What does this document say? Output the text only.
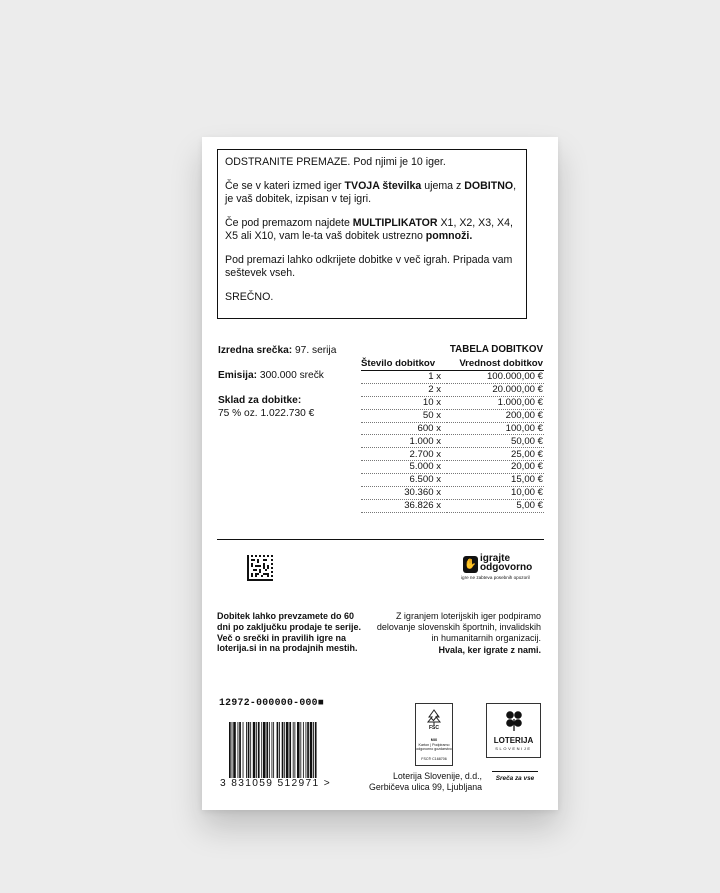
ODSTRANITE PREMAZE. Pod njimi je 10 iger.

Če se v kateri izmed iger TVOJA številka ujema z DOBITNO, je vaš dobitek, izpisan v tej igri.

Če pod premazom najdete MULTIPLIKATOR X1, X2, X3, X4, X5 ali X10, vam le-ta vaš dobitek ustrezno pomnoži.

Pod premazi lahko odkrijete dobitke v več igrah. Pripada vam seštevek vseh.

SREČNO.

Izredna srečka: 97. serija
Emisija: 300.000 srečk
Sklad za dobitke:
75 % oz. 1.022.730 €
TABELA DOBITKOV
Število dobitkov	Vrednost dobitkov
1 x	100.000,00 €
2 x	20.000,00 €
10 x	1.000,00 €
50 x	200,00 €
600 x	100,00 €
1.000 x	50,00 €
2.700 x	25,00 €
5.000 x	20,00 €
6.500 x	15,00 €
30.360 x	10,00 €
36.826 x	5,00 €
✋
igrajte
odgovorno
igre ne zabteva posebnih opozoril
Dobitek lahko prevzamete do 60 dni po zaključku prodaje te serije. Več o srečki in pravilih igre na loterija.si in na prodajnih mestih.
Z igranjem loterijskih iger podpiramo delovanje slovenskih športnih, invalidskih in humanitarnih organizacij.
Hvala, ker igrate z nami.
12972-000000-000■
3 831059 512971 >
FSC
MIX
Karton | Podpiramo odgovorno gozdarstvo
FSC® C168706
LOTERIJA
SLOVENIJE
Loterija Slovenije, d.d.,
Gerbičeva ulica 99, Ljubljana
Sreča za vse
